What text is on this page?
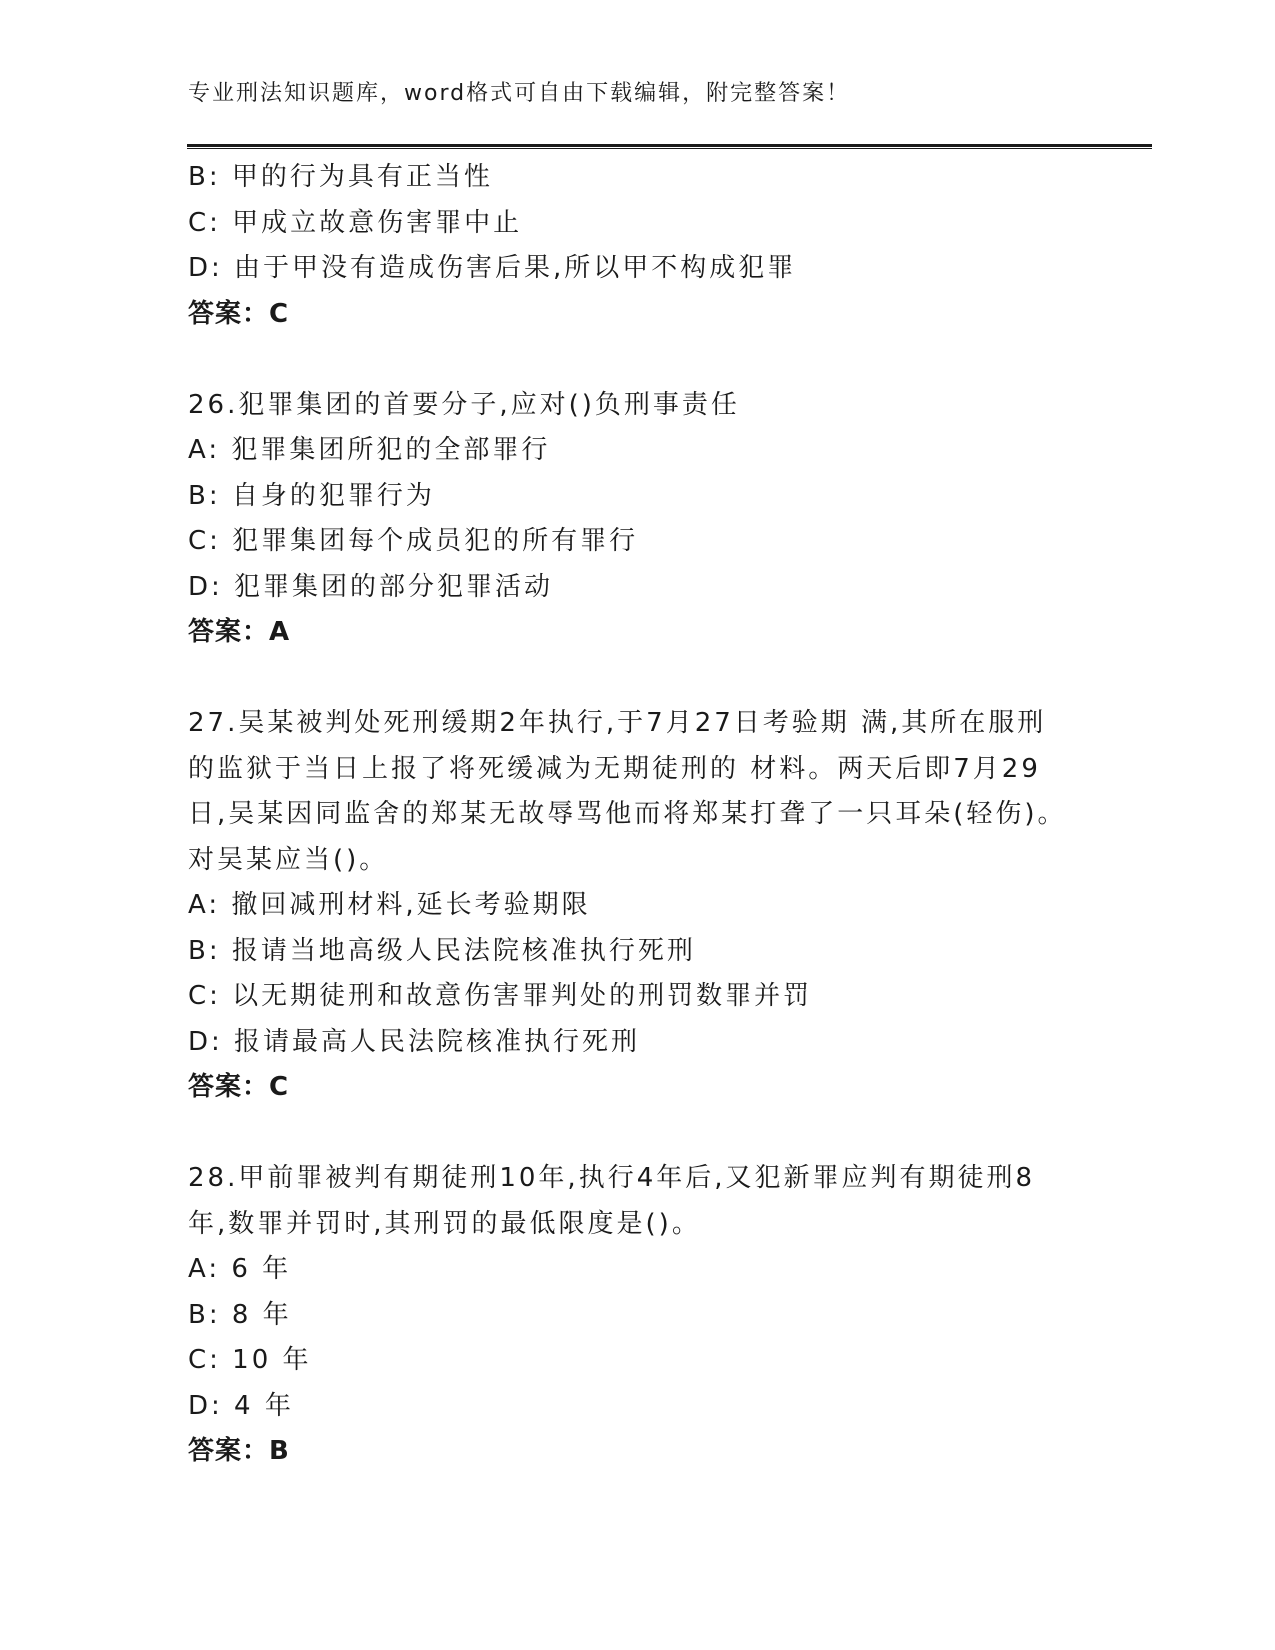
专业刑法知识题库，word格式可自由下载编辑，附完整答案！
B: 甲的行为具有正当性
C: 甲成立故意伤害罪中止
D: 由于甲没有造成伤害后果,所以甲不构成犯罪
答案：C
26.犯罪集团的首要分子,应对()负刑事责任
A: 犯罪集团所犯的全部罪行
B: 自身的犯罪行为
C: 犯罪集团每个成员犯的所有罪行
D: 犯罪集团的部分犯罪活动
答案：A
27.吴某被判处死刑缓期2年执行,于7月27日考验期 满,其所在服刑
的监狱于当日上报了将死缓减为无期徒刑的 材料。两天后即7月29
日,吴某因同监舍的郑某无故辱骂他而将郑某打聋了一只耳朵(轻伤)。
对吴某应当()。
A: 撤回减刑材料,延长考验期限
B: 报请当地高级人民法院核准执行死刑
C: 以无期徒刑和故意伤害罪判处的刑罚数罪并罚
D: 报请最高人民法院核准执行死刑
答案：C
28.甲前罪被判有期徒刑10年,执行4年后,又犯新罪应判有期徒刑8
年,数罪并罚时,其刑罚的最低限度是()。
A: 6 年
B: 8 年
C: 10 年
D: 4 年
答案：B
